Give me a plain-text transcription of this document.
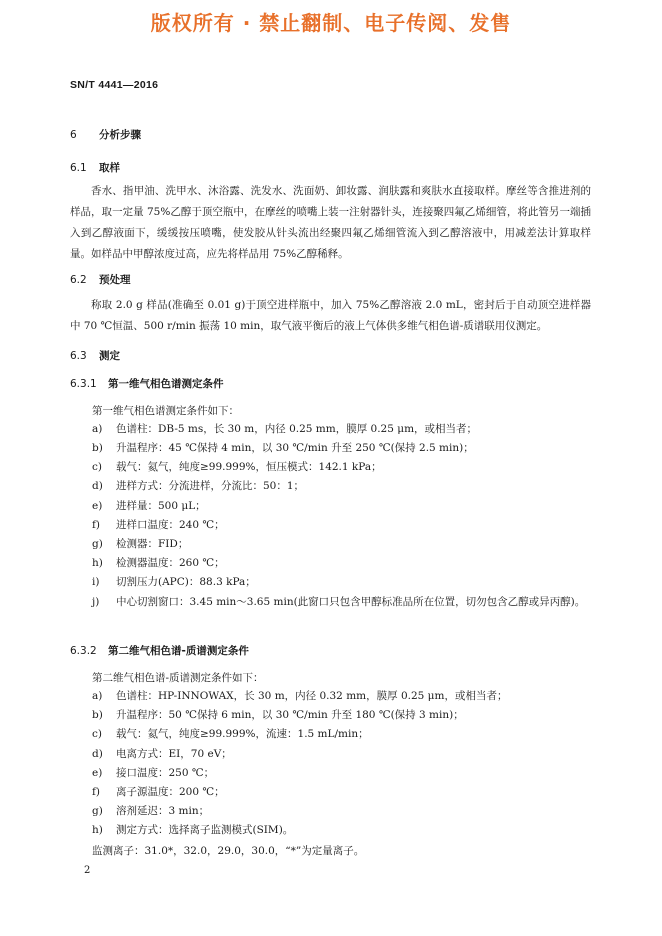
版权所有 · 禁止翻制、电子传阅、发售
SN/T 4441—2016
6 分析步骤
6.1 取样
香水、指甲油、洗甲水、沐浴露、洗发水、洗面奶、卸妆露、润肤露和爽肤水直接取样。摩丝等含推进剂的样品，取一定量 75%乙醇于顶空瓶中，在摩丝的喷嘴上装一注射器针头，连接聚四氟乙烯细管，将此管另一端插入到乙醇液面下，缓缓按压喷嘴，使发胶从针头流出经聚四氟乙烯细管流入到乙醇溶液中，用减差法计算取样量。如样品中甲醇浓度过高，应先将样品用 75%乙醇稀释。
6.2 预处理
称取 2.0 g 样品(准确至 0.01 g)于顶空进样瓶中，加入 75%乙醇溶液 2.0 mL，密封后于自动顶空进样器中 70 ℃恒温、500 r/min 振荡 10 min，取气液平衡后的液上气体供多维气相色谱-质谱联用仪测定。
6.3 测定
6.3.1 第一维气相色谱测定条件
第一维气相色谱测定条件如下：
a) 色谱柱：DB-5 ms，长 30 m，内径 0.25 mm，膜厚 0.25 μm，或相当者；
b) 升温程序：45 ℃保持 4 min，以 30 ℃/min 升至 250 ℃(保持 2.5 min)；
c) 载气：氦气，纯度≥99.999%，恒压模式：142.1 kPa；
d) 进样方式：分流进样，分流比：50：1；
e) 进样量：500 μL；
f) 进样口温度：240 ℃；
g) 检测器：FID；
h) 检测器温度：260 ℃；
i) 切割压力(APC)：88.3 kPa；
j) 中心切割窗口：3.45 min～3.65 min(此窗口只包含甲醇标准品所在位置，切勿包含乙醇或异丙醇)。
6.3.2 第二维气相色谱-质谱测定条件
第二维气相色谱-质谱测定条件如下：
a) 色谱柱：HP-INNOWAX，长 30 m，内径 0.32 mm，膜厚 0.25 μm，或相当者；
b) 升温程序：50 ℃保持 6 min，以 30 ℃/min 升至 180 ℃(保持 3 min)；
c) 载气：氦气，纯度≥99.999%，流速：1.5 mL/min；
d) 电离方式：EI，70 eV；
e) 接口温度：250 ℃；
f) 离子源温度：200 ℃；
g) 溶剂延迟：3 min；
h) 测定方式：选择离子监测模式(SIM)。
监测离子：31.0*，32.0，29.0，30.0，“*”为定量离子。
2
